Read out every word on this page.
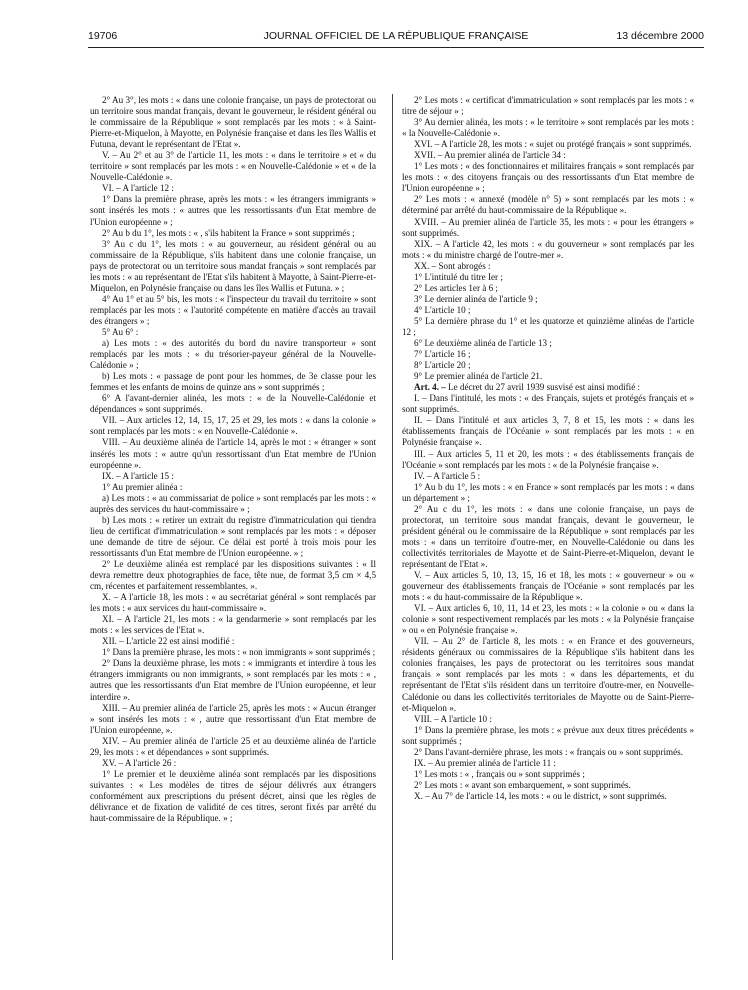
19706	JOURNAL OFFICIEL DE LA RÉPUBLIQUE FRANÇAISE	13 décembre 2000

2° Au 3°, les mots : « dans une colonie française, un pays de protectorat ou un territoire sous mandat français, devant le gouverneur, le résident général ou le commissaire de la République » sont remplacés par les mots : « à Saint-Pierre-et-Miquelon, à Mayotte, en Polynésie française et dans les îles Wallis et Futuna, devant le représentant de l'Etat ».

V. – Au 2° et au 3° de l'article 11, les mots : « dans le territoire » et « du territoire » sont remplacés par les mots : « en Nouvelle-Calédonie » et « de la Nouvelle-Calédonie ».

VI. – A l'article 12 :

1° Dans la première phrase, après les mots : « les étrangers immigrants » sont insérés les mots : « autres que les ressortissants d'un Etat membre de l'Union européenne » ;

2° Au b du 1°, les mots : « , s'ils habitent la France » sont supprimés ;

3° Au c du 1°, les mots : « au gouverneur, au résident général ou au commissaire de la République, s'ils habitent dans une colonie française, un pays de protectorat ou un territoire sous mandat français » sont remplacés par les mots : « au représentant de l'Etat s'ils habitent à Mayotte, à Saint-Pierre-et-Miquelon, en Polynésie française ou dans les îles Wallis et Futuna. » ;

4° Au 1° et au 5° bis, les mots : « l'inspecteur du travail du territoire » sont remplacés par les mots : « l'autorité compétente en matière d'accès au travail des étrangers » ;

5° Au 6° :

a) Les mots : « des autorités du bord du navire transporteur » sont remplacés par les mots : « du trésorier-payeur général de la Nouvelle-Calédonie » ;

b) Les mots : « passage de pont pour les hommes, de 3e classe pour les femmes et les enfants de moins de quinze ans » sont supprimés ;

6° A l'avant-dernier alinéa, les mots : « de la Nouvelle-Calédonie et dépendances » sont supprimés.

VII. – Aux articles 12, 14, 15, 17, 25 et 29, les mots : « dans la colonie » sont remplacés par les mots : « en Nouvelle-Calédonie ».

VIII. – Au deuxième alinéa de l'article 14, après le mot : « étranger » sont insérés les mots : « autre qu'un ressortissant d'un Etat membre de l'Union européenne ».

IX. – A l'article 15 :

1° Au premier alinéa :

a) Les mots : « au commissariat de police » sont remplacés par les mots : « auprès des services du haut-commissaire » ;

b) Les mots : « retirer un extrait du registre d'immatriculation qui tiendra lieu de certificat d'immatriculation » sont remplacés par les mots : « déposer une demande de titre de séjour. Ce délai est porté à trois mois pour les ressortissants d'un Etat membre de l'Union européenne. » ;

2° Le deuxième alinéa est remplacé par les dispositions suivantes : « Il devra remettre deux photographies de face, tête nue, de format 3,5 cm × 4,5 cm, récentes et parfaitement ressemblantes. ».

X. – A l'article 18, les mots : « au secrétariat général » sont remplacés par les mots : « aux services du haut-commissaire ».

XI. – A l'article 21, les mots : « la gendarmerie » sont remplacés par les mots : « les services de l'Etat ».

XII. – L'article 22 est ainsi modifié :

1° Dans la première phrase, les mots : « non immigrants » sont supprimés ;

2° Dans la deuxième phrase, les mots : « immigrants et interdire à tous les étrangers immigrants ou non immigrants, » sont remplacés par les mots : « , autres que les ressortissants d'un Etat membre de l'Union européenne, et leur interdire ».

XIII. – Au premier alinéa de l'article 25, après les mots : « Aucun étranger » sont insérés les mots : « , autre que ressortissant d'un Etat membre de l'Union européenne, ».

XIV. – Au premier alinéa de l'article 25 et au deuxième alinéa de l'article 29, les mots : « et dépendances » sont supprimés.

XV. – A l'article 26 :

1° Le premier et le deuxième alinéa sont remplacés par les dispositions suivantes : « Les modèles de titres de séjour délivrés aux étrangers conformément aux prescriptions du présent décret, ainsi que les règles de délivrance et de fixation de validité de ces titres, seront fixés par arrêté du haut-commissaire de la République. » ;

2° Les mots : « certificat d'immatriculation » sont remplacés par les mots : « titre de séjour » ;

3° Au dernier alinéa, les mots : « le territoire » sont remplacés par les mots : « la Nouvelle-Calédonie ».

XVI. – A l'article 28, les mots : « sujet ou protégé français » sont supprimés.

XVII. – Au premier alinéa de l'article 34 :

1° Les mots : « des fonctionnaires et militaires français » sont remplacés par les mots : « des citoyens français ou des ressortissants d'un Etat membre de l'Union européenne » ;

2° Les mots : « annexé (modèle n° 5) » sont remplacés par les mots : « déterminé par arrêté du haut-commissaire de la République ».

XVIII. – Au premier alinéa de l'article 35, les mots : « pour les étrangers » sont supprimés.

XIX. – A l'article 42, les mots : « du gouverneur » sont remplacés par les mots : « du ministre chargé de l'outre-mer ».

XX. – Sont abrogés :

1° L'intitulé du titre Ier ;

2° Les articles 1er à 6 ;

3° Le dernier alinéa de l'article 9 ;

4° L'article 10 ;

5° La dernière phrase du 1° et les quatorze et quinzième alinéas de l'article 12 ;

6° Le deuxième alinéa de l'article 13 ;

7° L'article 16 ;

8° L'article 20 ;

9° Le premier alinéa de l'article 21.

Art. 4. – Le décret du 27 avril 1939 susvisé est ainsi modifié :

I. – Dans l'intitulé, les mots : « des Français, sujets et protégés français et » sont supprimés.

II. – Dans l'intitulé et aux articles 3, 7, 8 et 15, les mots : « dans les établissements français de l'Océanie » sont remplacés par les mots : « en Polynésie française ».

III. – Aux articles 5, 11 et 20, les mots : « des établissements français de l'Océanie » sont remplacés par les mots : « de la Polynésie française ».

IV. – A l'article 5 :

1° Au b du 1°, les mots : « en France » sont remplacés par les mots : « dans un département » ;

2° Au c du 1°, les mots : « dans une colonie française, un pays de protectorat, un territoire sous mandat français, devant le gouverneur, le président général ou le commissaire de la République » sont remplacés par les mots : « dans un territoire d'outre-mer, en Nouvelle-Calédonie ou dans les collectivités territoriales de Mayotte et de Saint-Pierre-et-Miquelon, devant le représentant de l'Etat ».

V. – Aux articles 5, 10, 13, 15, 16 et 18, les mots : « gouverneur » ou « gouverneur des établissements français de l'Océanie » sont remplacés par les mots : « du haut-commissaire de la République ».

VI. – Aux articles 6, 10, 11, 14 et 23, les mots : « la colonie » ou « dans la colonie » sont respectivement remplacés par les mots : « la Polynésie française » ou « en Polynésie française ».

VII. – Au 2° de l'article 8, les mots : « en France et des gouverneurs, résidents généraux ou commissaires de la République s'ils habitent dans les colonies françaises, les pays de protectorat ou les territoires sous mandat français » sont remplacés par les mots : « dans les départements, et du représentant de l'Etat s'ils résident dans un territoire d'outre-mer, en Nouvelle-Calédonie ou dans les collectivités territoriales de Mayotte ou de Saint-Pierre-et-Miquelon ».

VIII. – A l'article 10 :

1° Dans la première phrase, les mots : « prévue aux deux titres précédents » sont supprimés ;

2° Dans l'avant-dernière phrase, les mots : « français ou » sont supprimés.

IX. – Au premier alinéa de l'article 11 :

1° Les mots : « , français ou » sont supprimés ;

2° Les mots : « avant son embarquement, » sont supprimés.

X. – Au 7° de l'article 14, les mots : « ou le district, » sont supprimés.
